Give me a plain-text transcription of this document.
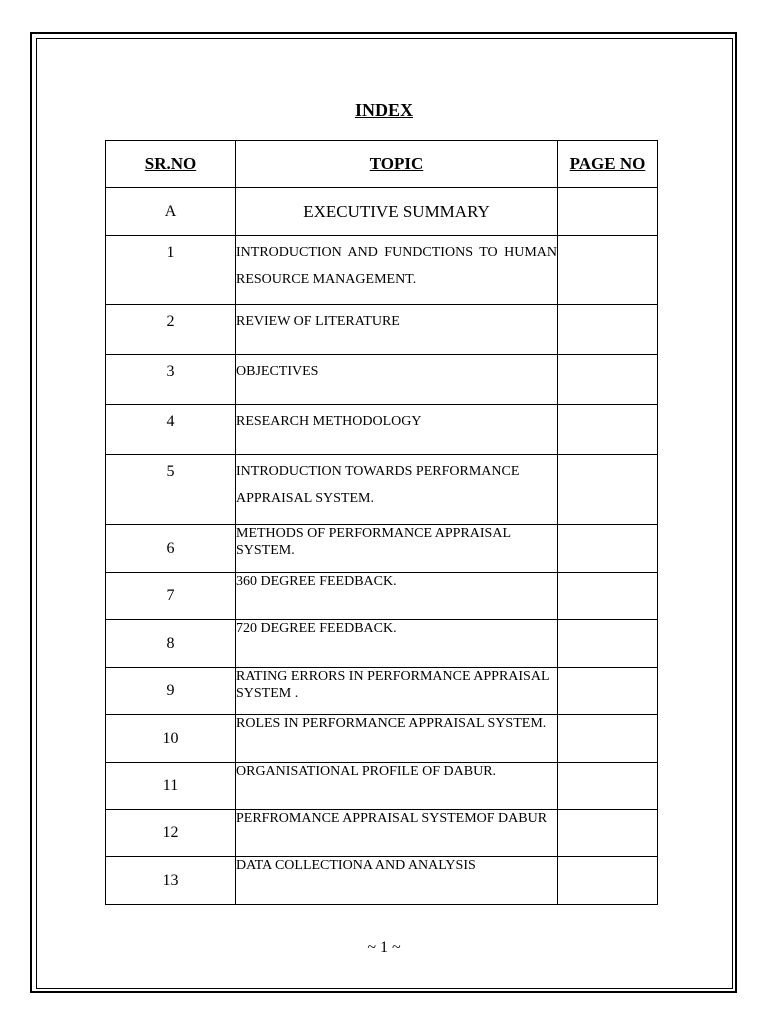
INDEX
SR.NO	TOPIC	PAGE NO
A	EXECUTIVE SUMMARY	
1	INTRODUCTION AND FUNDCTIONS TO HUMAN RESOURCE MANAGEMENT.	
2	REVIEW OF LITERATURE	
3	OBJECTIVES	
4	RESEARCH METHODOLOGY	
5	INTRODUCTION TOWARDS PERFORMANCE APPRAISAL SYSTEM.	
6	METHODS OF PERFORMANCE APPRAISAL SYSTEM.	
7	360 DEGREE FEEDBACK.	
8	720 DEGREE FEEDBACK.	
9	RATING ERRORS IN PERFORMANCE APPRAISAL SYSTEM .	
10	ROLES IN PERFORMANCE APPRAISAL SYSTEM.	
11	ORGANISATIONAL PROFILE OF DABUR.	
12	PERFROMANCE APPRAISAL SYSTEMOF DABUR	
13	DATA COLLECTIONA AND ANALYSIS	
~ 1 ~
